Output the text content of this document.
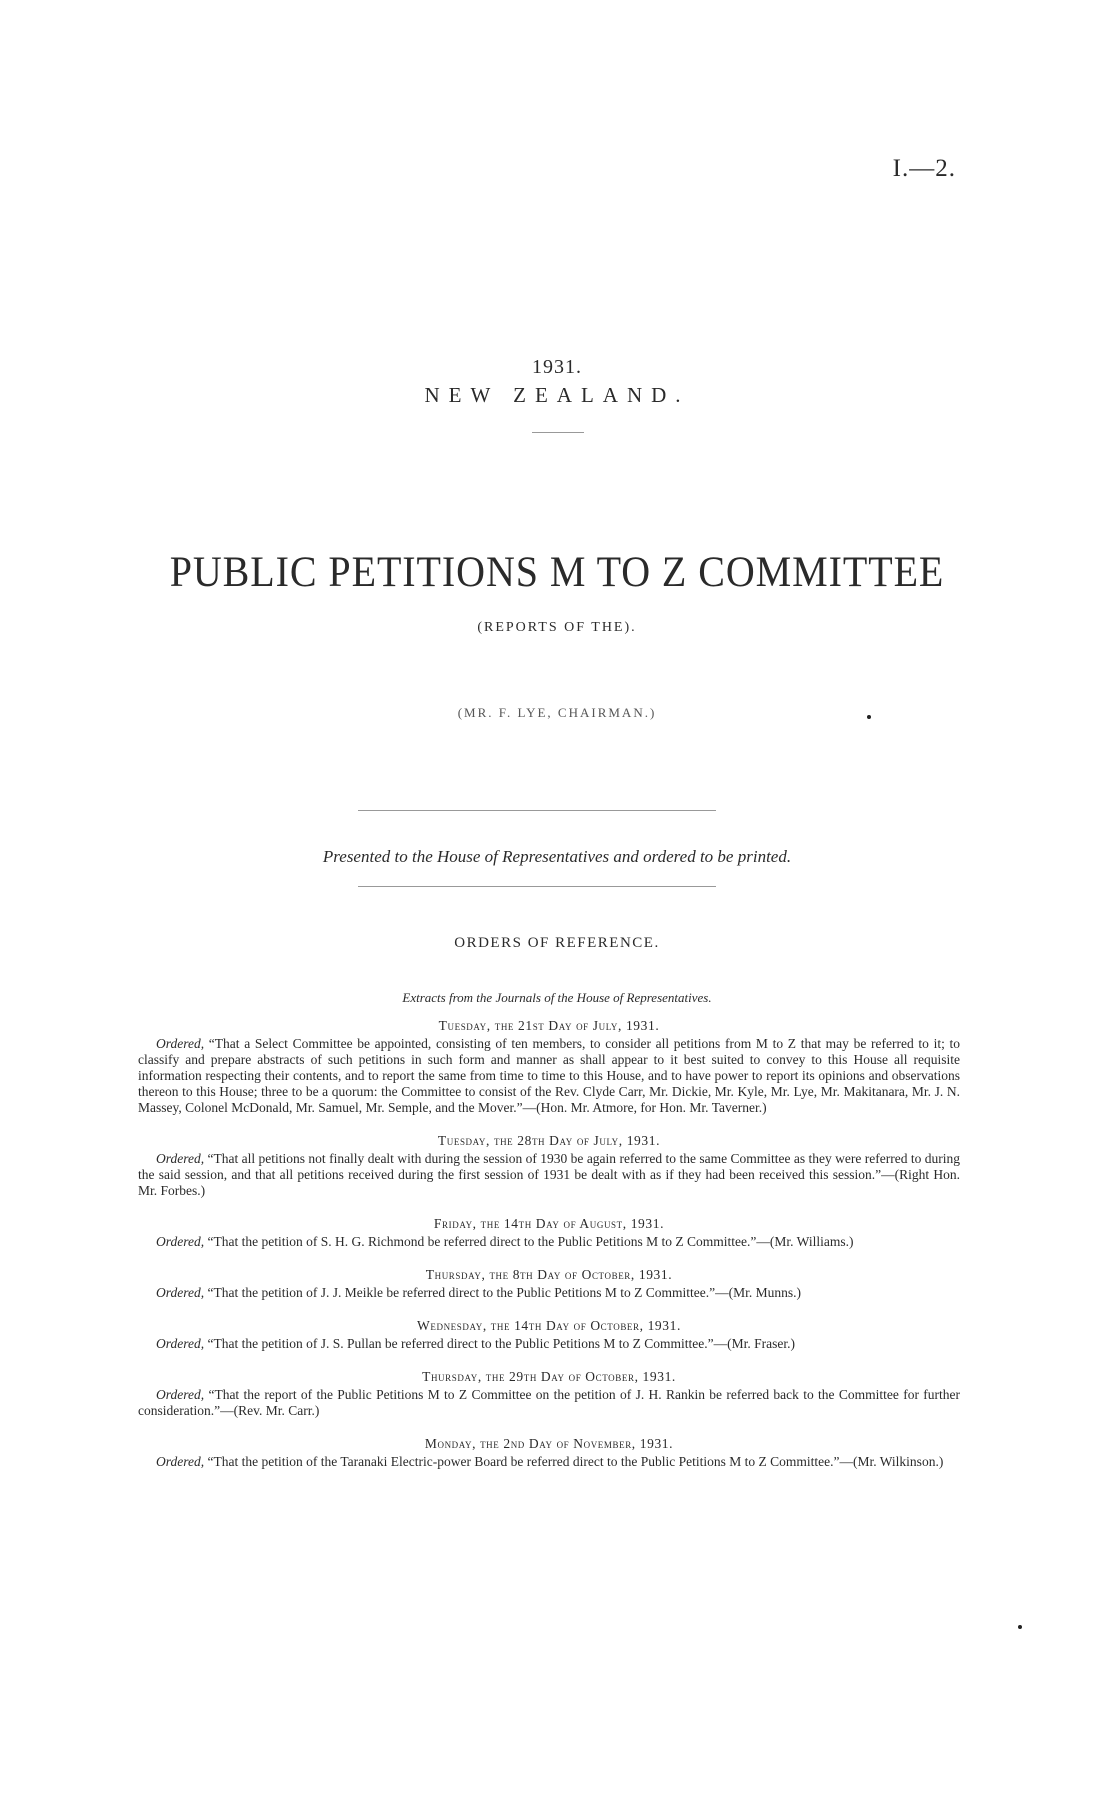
I.—2.
1931.
NEW ZEALAND.
PUBLIC PETITIONS M TO Z COMMITTEE
(REPORTS OF THE).
(MR. F. LYE, CHAIRMAN.)
Presented to the House of Representatives and ordered to be printed.
ORDERS OF REFERENCE.
Extracts from the Journals of the House of Representatives.
Tuesday, the 21st Day of July, 1931.
Ordered, “That a Select Committee be appointed, consisting of ten members, to consider all petitions from M to Z that may be referred to it; to classify and prepare abstracts of such petitions in such form and manner as shall appear to it best suited to convey to this House all requisite information respecting their contents, and to report the same from time to time to this House, and to have power to report its opinions and observations thereon to this House; three to be a quorum: the Committee to consist of the Rev. Clyde Carr, Mr. Dickie, Mr. Kyle, Mr. Lye, Mr. Makitanara, Mr. J. N. Massey, Colonel McDonald, Mr. Samuel, Mr. Semple, and the Mover.”—(Hon. Mr. Atmore, for Hon. Mr. Taverner.)
Tuesday, the 28th Day of July, 1931.
Ordered, “That all petitions not finally dealt with during the session of 1930 be again referred to the same Committee as they were referred to during the said session, and that all petitions received during the first session of 1931 be dealt with as if they had been received this session.”—(Right Hon. Mr. Forbes.)
Friday, the 14th Day of August, 1931.
Ordered, “That the petition of S. H. G. Richmond be referred direct to the Public Petitions M to Z Committee.”—(Mr. Williams.)
Thursday, the 8th Day of October, 1931.
Ordered, “That the petition of J. J. Meikle be referred direct to the Public Petitions M to Z Committee.”—(Mr. Munns.)
Wednesday, the 14th Day of October, 1931.
Ordered, “That the petition of J. S. Pullan be referred direct to the Public Petitions M to Z Committee.”—(Mr. Fraser.)
Thursday, the 29th Day of October, 1931.
Ordered, “That the report of the Public Petitions M to Z Committee on the petition of J. H. Rankin be referred back to the Committee for further consideration.”—(Rev. Mr. Carr.)
Monday, the 2nd Day of November, 1931.
Ordered, “That the petition of the Taranaki Electric-power Board be referred direct to the Public Petitions M to Z Committee.”—(Mr. Wilkinson.)
